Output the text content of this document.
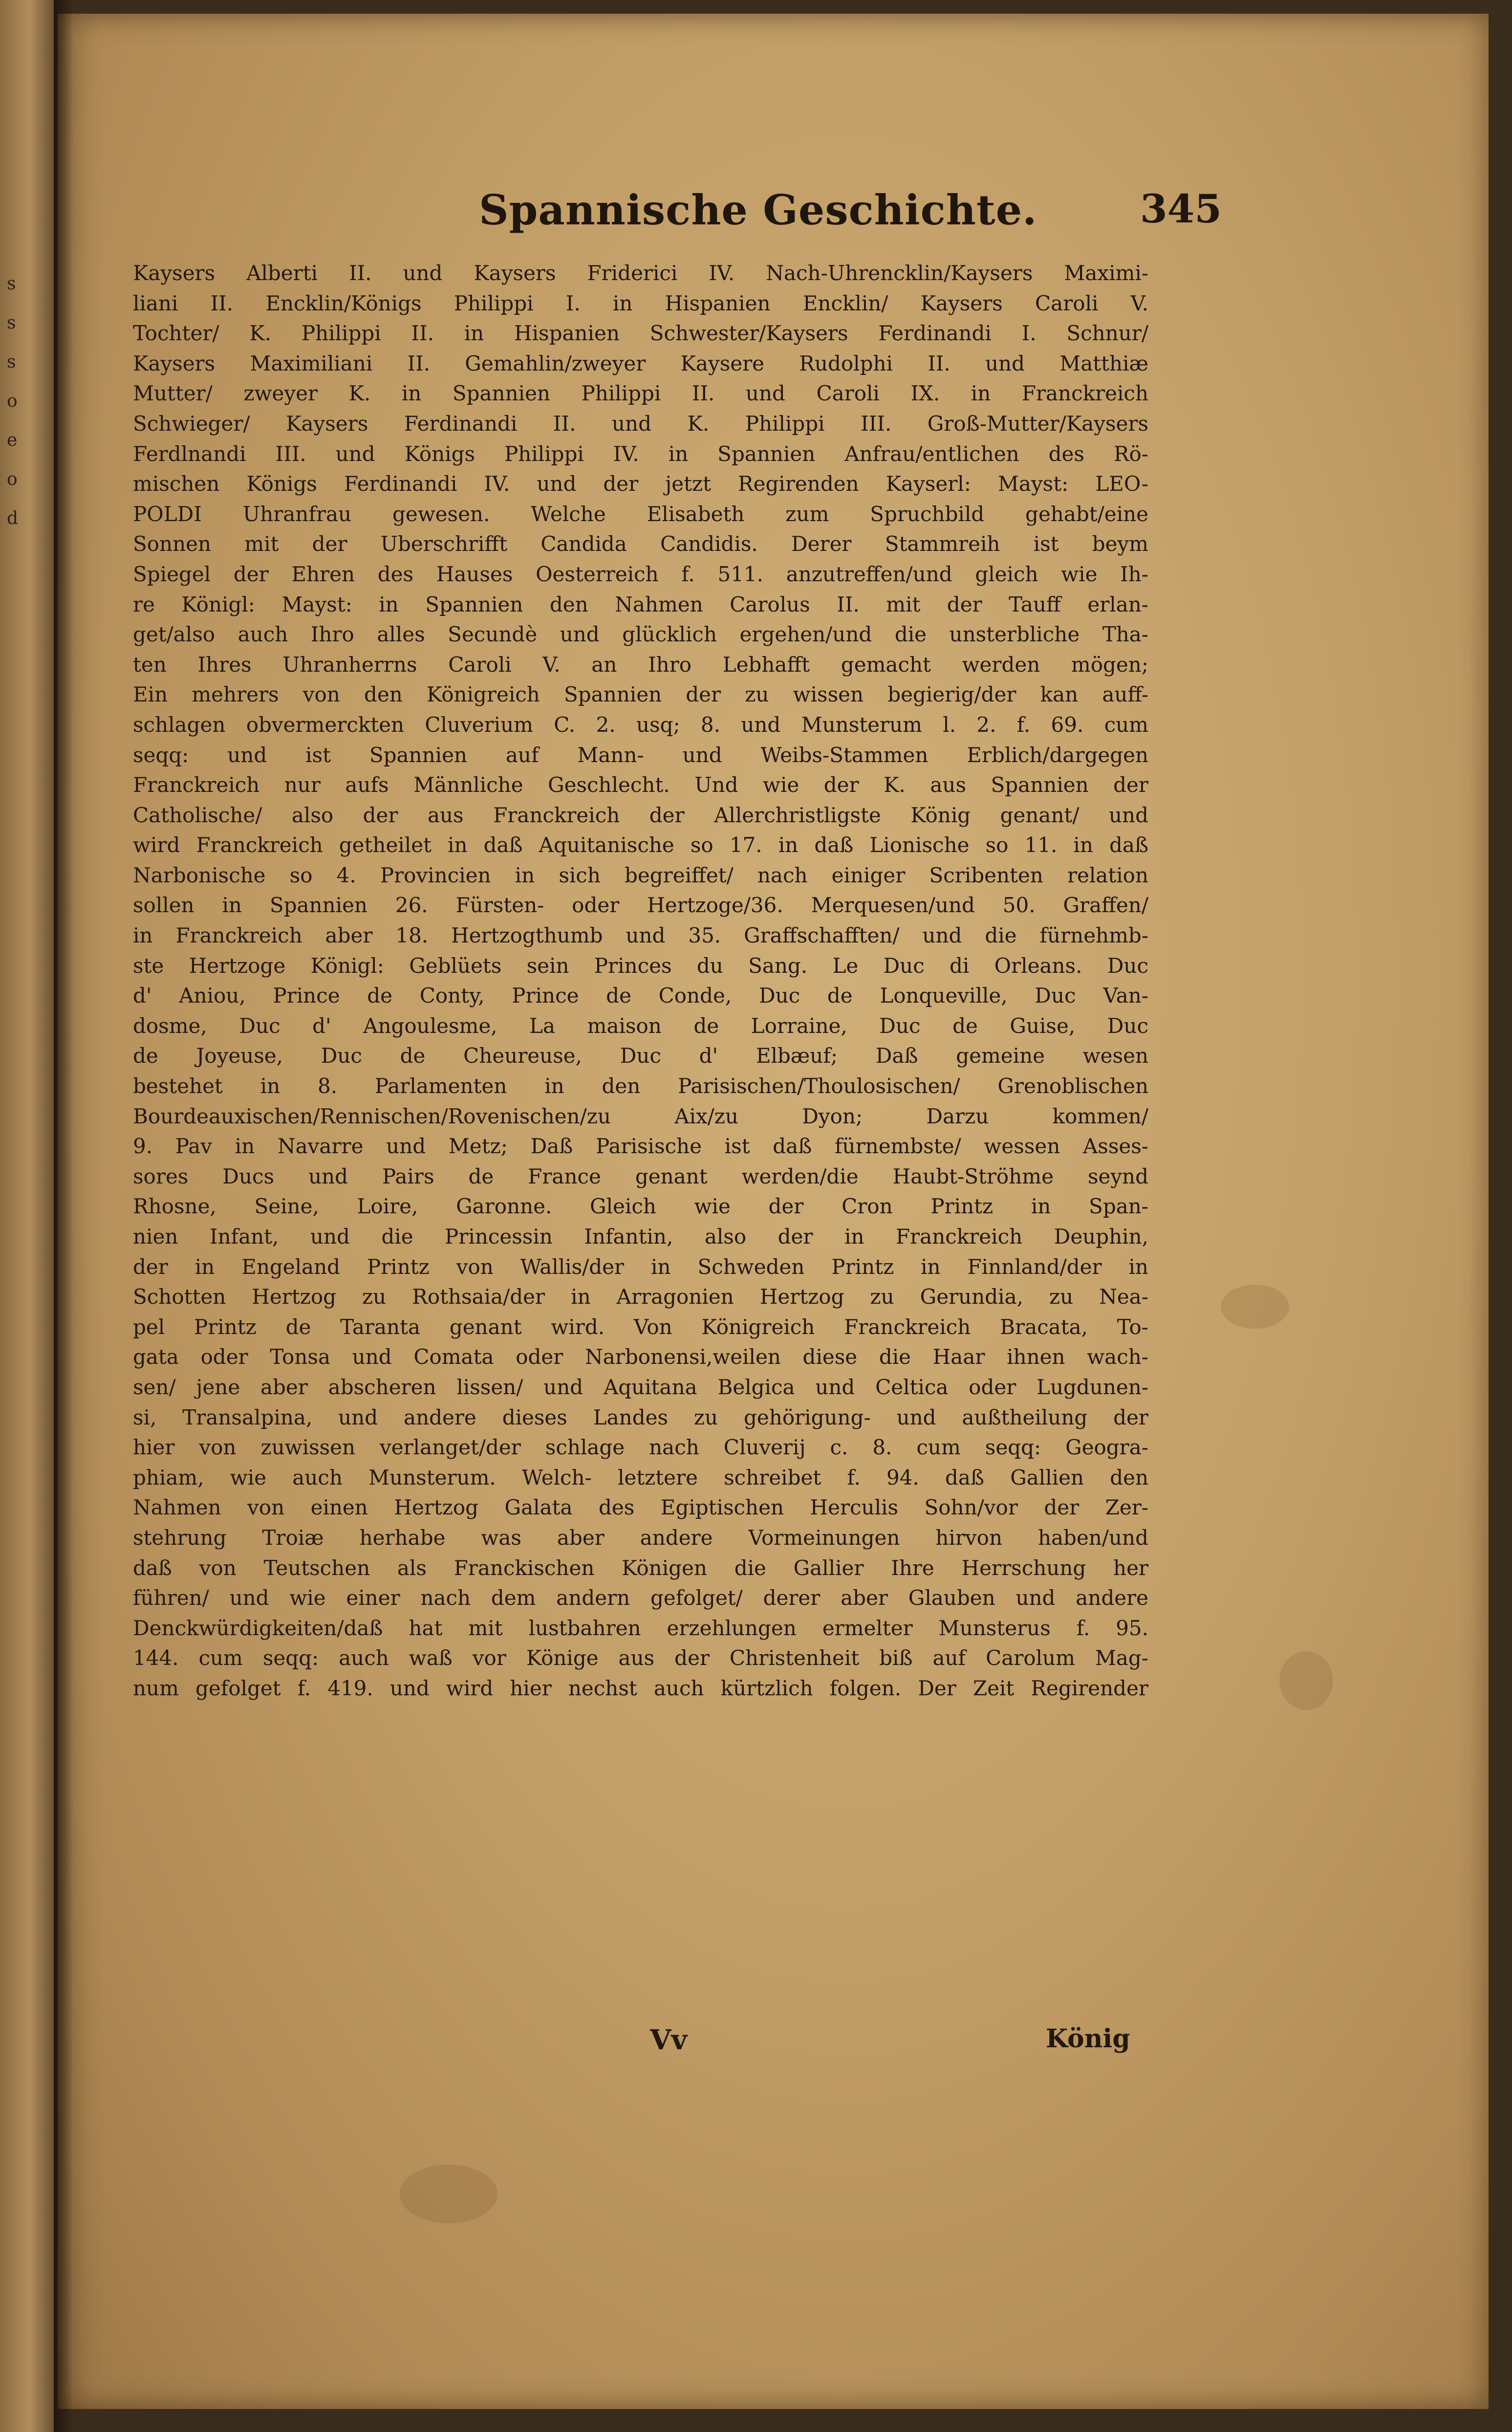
s
s
s
o
e
o
d
Spannische Geschichte.	345
Kaysers Alberti II. und Kaysers Friderici IV. Nach-Uhrencklin/Kaysers Maximi-
liani II. Encklin/Königs Philippi I. in Hispanien Encklin/ Kaysers Caroli V.
Tochter/ K. Philippi II. in Hispanien Schwester/Kaysers Ferdinandi I. Schnur/
Kaysers Maximiliani II. Gemahlin/zweyer Kaysere Rudolphi II. und Matthiæ
Mutter/ zweyer K. in Spannien Philippi II. und Caroli IX. in Franckreich
Schwieger/ Kaysers Ferdinandi II. und K. Philippi III. Groß-Mutter/Kaysers
Ferdlnandi III. und Königs Philippi IV. in Spannien Anfrau/entlichen des Rö-
mischen Königs Ferdinandi IV. und der jetzt Regirenden Kayserl: Mayst: LEO-
POLDI Uhranfrau gewesen. Welche Elisabeth zum Spruchbild gehabt/eine
Sonnen mit der Uberschrifft Candida Candidis. Derer Stammreih ist beym
Spiegel der Ehren des Hauses Oesterreich f. 511. anzutreffen/und gleich wie Ih-
re Königl: Mayst: in Spannien den Nahmen Carolus II. mit der Tauff erlan-
get/also auch Ihro alles Secundè und glücklich ergehen/und die unsterbliche Tha-
ten Ihres Uhranherrns Caroli V. an Ihro Lebhafft gemacht werden mögen;
Ein mehrers von den Königreich Spannien der zu wissen begierig/der kan auff-
schlagen obvermerckten Cluverium C. 2. usq; 8. und Munsterum l. 2. f. 69. cum
seqq: und ist Spannien auf Mann- und Weibs-Stammen Erblich/dargegen
Franckreich nur aufs Männliche Geschlecht. Und wie der K. aus Spannien der
Catholische/ also der aus Franckreich der Allerchristligste König genant/ und
wird Franckreich getheilet in daß Aquitanische so 17. in daß Lionische so 11. in daß
Narbonische so 4. Provincien in sich begreiffet/ nach einiger Scribenten relation
sollen in Spannien 26. Fürsten- oder Hertzoge/36. Merquesen/und 50. Graffen/
in Franckreich aber 18. Hertzogthumb und 35. Graffschafften/ und die fürnehmb-
ste Hertzoge Königl: Geblüets sein Princes du Sang. Le Duc di Orleans. Duc
d' Aniou, Prince de Conty, Prince de Conde, Duc de Lonqueville, Duc Van-
dosme, Duc d' Angoulesme, La maison de Lorraine, Duc de Guise, Duc
de Joyeuse, Duc de Cheureuse, Duc d' Elbæuf; Daß gemeine wesen
bestehet in 8. Parlamenten in den Parisischen/Thoulosischen/ Grenoblischen
Bourdeauxischen/Rennischen/Rovenischen/zu Aix/zu Dyon; Darzu kommen/
9. Pav in Navarre und Metz; Daß Parisische ist daß fürnembste/ wessen Asses-
sores Ducs und Pairs de France genant werden/die Haubt-Ströhme seynd
Rhosne, Seine, Loire, Garonne. Gleich wie der Cron Printz in Span-
nien Infant, und die Princessin Infantin, also der in Franckreich Deuphin,
der in Engeland Printz von Wallis/der in Schweden Printz in Finnland/der in
Schotten Hertzog zu Rothsaia/der in Arragonien Hertzog zu Gerundia, zu Nea-
pel Printz de Taranta genant wird. Von Königreich Franckreich Bracata, To-
gata oder Tonsa und Comata oder Narbonensi,weilen diese die Haar ihnen wach-
sen/ jene aber abscheren lissen/ und Aquitana Belgica und Celtica oder Lugdunen-
si, Transalpina, und andere dieses Landes zu gehörigung- und außtheilung der
hier von zuwissen verlanget/der schlage nach Cluverij c. 8. cum seqq: Geogra-
phiam, wie auch Munsterum. Welch- letztere schreibet f. 94. daß Gallien den
Nahmen von einen Hertzog Galata des Egiptischen Herculis Sohn/vor der Zer-
stehrung Troiæ herhabe was aber andere Vormeinungen hirvon haben/und
daß von Teutschen als Franckischen Königen die Gallier Ihre Herrschung her
führen/ und wie einer nach dem andern gefolget/ derer aber Glauben und andere
Denckwürdigkeiten/daß hat mit lustbahren erzehlungen ermelter Munsterus f. 95.
144. cum seqq: auch waß vor Könige aus der Christenheit biß auf Carolum Mag-
num gefolget f. 419. und wird hier nechst auch kürtzlich folgen. Der Zeit Regirender
Vv	König
